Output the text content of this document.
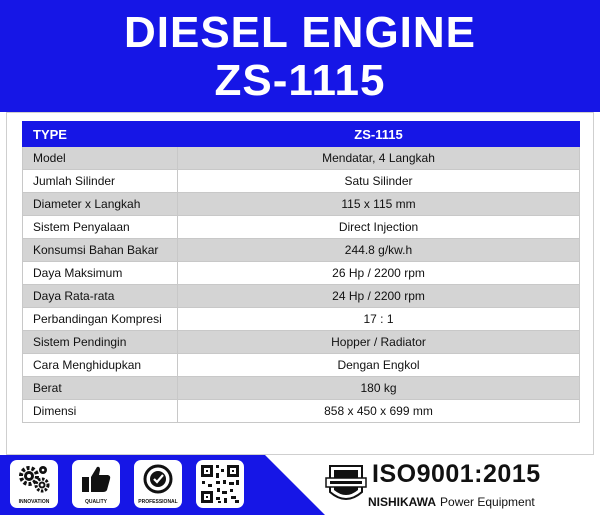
DIESEL ENGINE
ZS-1115
TYPE	ZS-1115
Model	Mendatar, 4 Langkah
Jumlah Silinder	Satu Silinder
Diameter x Langkah	115 x 115 mm
Sistem Penyalaan	Direct Injection
Konsumsi Bahan Bakar	244.8 g/kw.h
Daya Maksimum	26 Hp / 2200 rpm
Daya Rata-rata	24 Hp / 2200 rpm
Perbandingan Kompresi	17 : 1
Sistem Pendingin	Hopper / Radiator
Cara Menghidupkan	Dengan Engkol
Berat	180 kg
Dimensi	858 x 450 x 699 mm
INNOVATION	QUALITY	PROFESSIONAL
ISO9001:2015
NISHIKAWA Power Equipment
